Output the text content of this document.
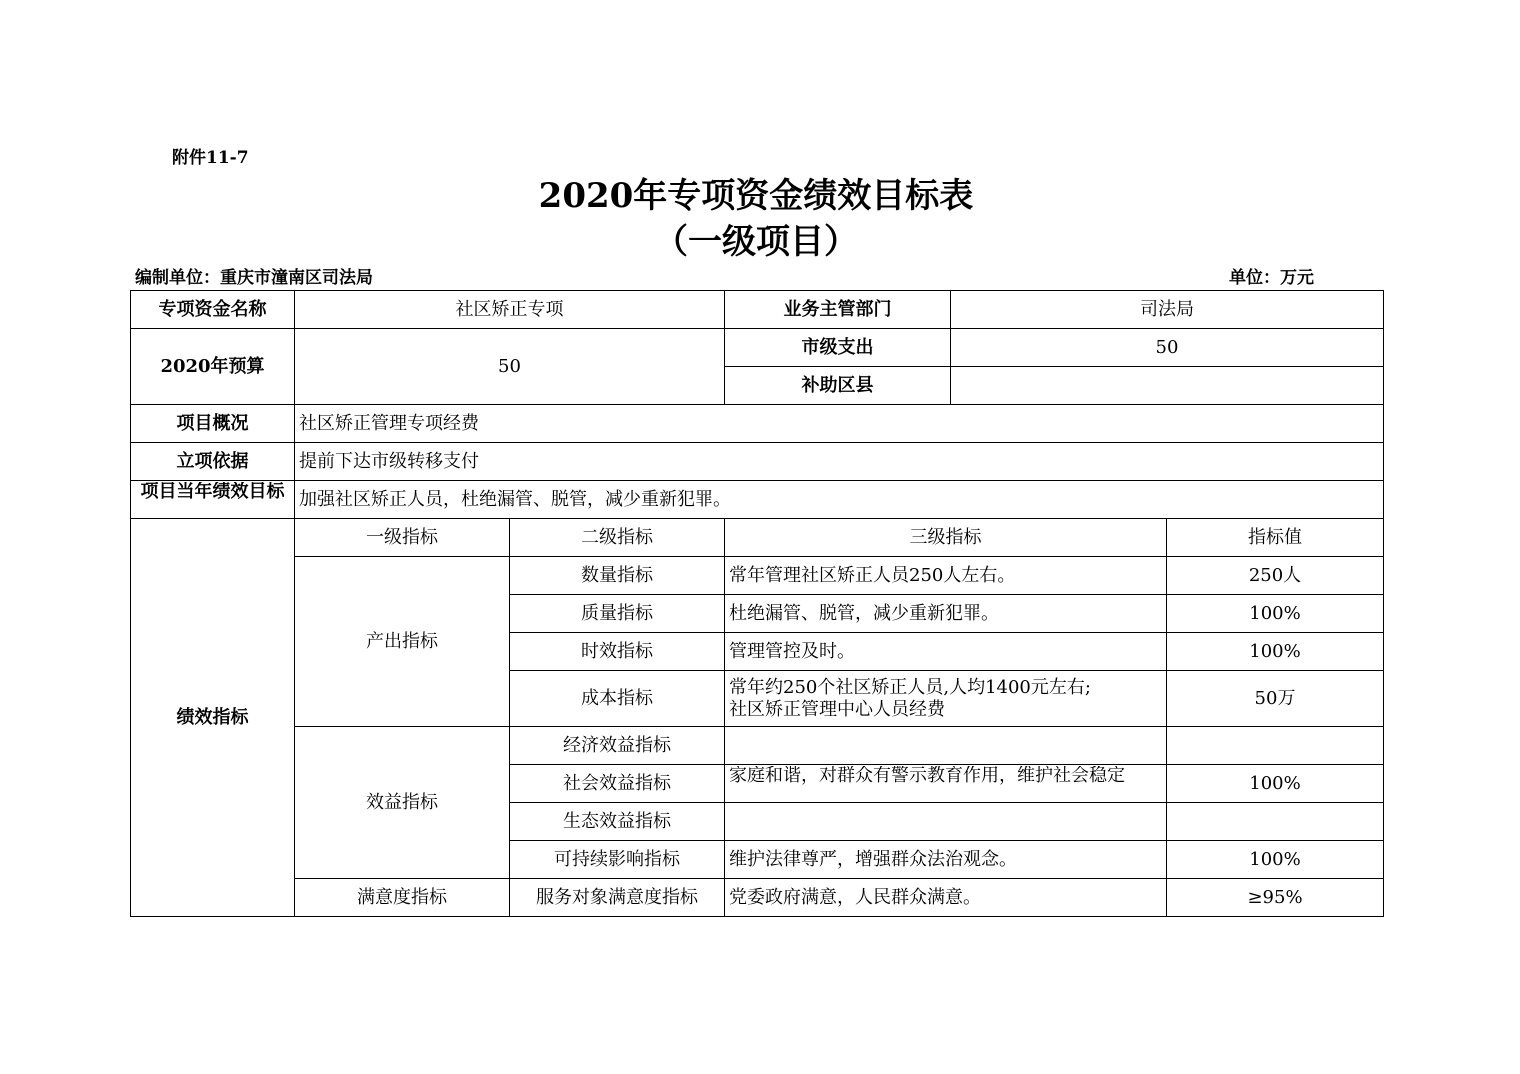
附件11-7
2020年专项资金绩效目标表
（一级项目）
编制单位：重庆市潼南区司法局	单位：万元
专项资金名称	社区矫正专项		业务主管部门	司法局	
2020年预算	50		市级支出	50	
			补助区县		
项目概况	社区矫正管理专项经费				
立项依据	提前下达市级转移支付				

项目当年绩效目标	加强社区矫正人员，杜绝漏管、脱管，减少重新犯罪。				
绩效指标	一级指标	二级指标	三级指标		指标值
	产出指标	数量指标	常年管理社区矫正人员250人左右。		250人
		质量指标	杜绝漏管、脱管，减少重新犯罪。		100%
		时效指标	管理管控及时。		100%
		成本指标	常年约250个社区矫正人员,人均1400元左右;
社区矫正管理中心人员经费		50万
	效益指标	经济效益指标			
		社会效益指标	家庭和谐，对群众有警示教育作用，维护社会稳定		100%
		生态效益指标			
		可持续影响指标	维护法律尊严，增强群众法治观念。		100%
	满意度指标	服务对象满意度指标	党委政府满意，人民群众满意。		≥95%
